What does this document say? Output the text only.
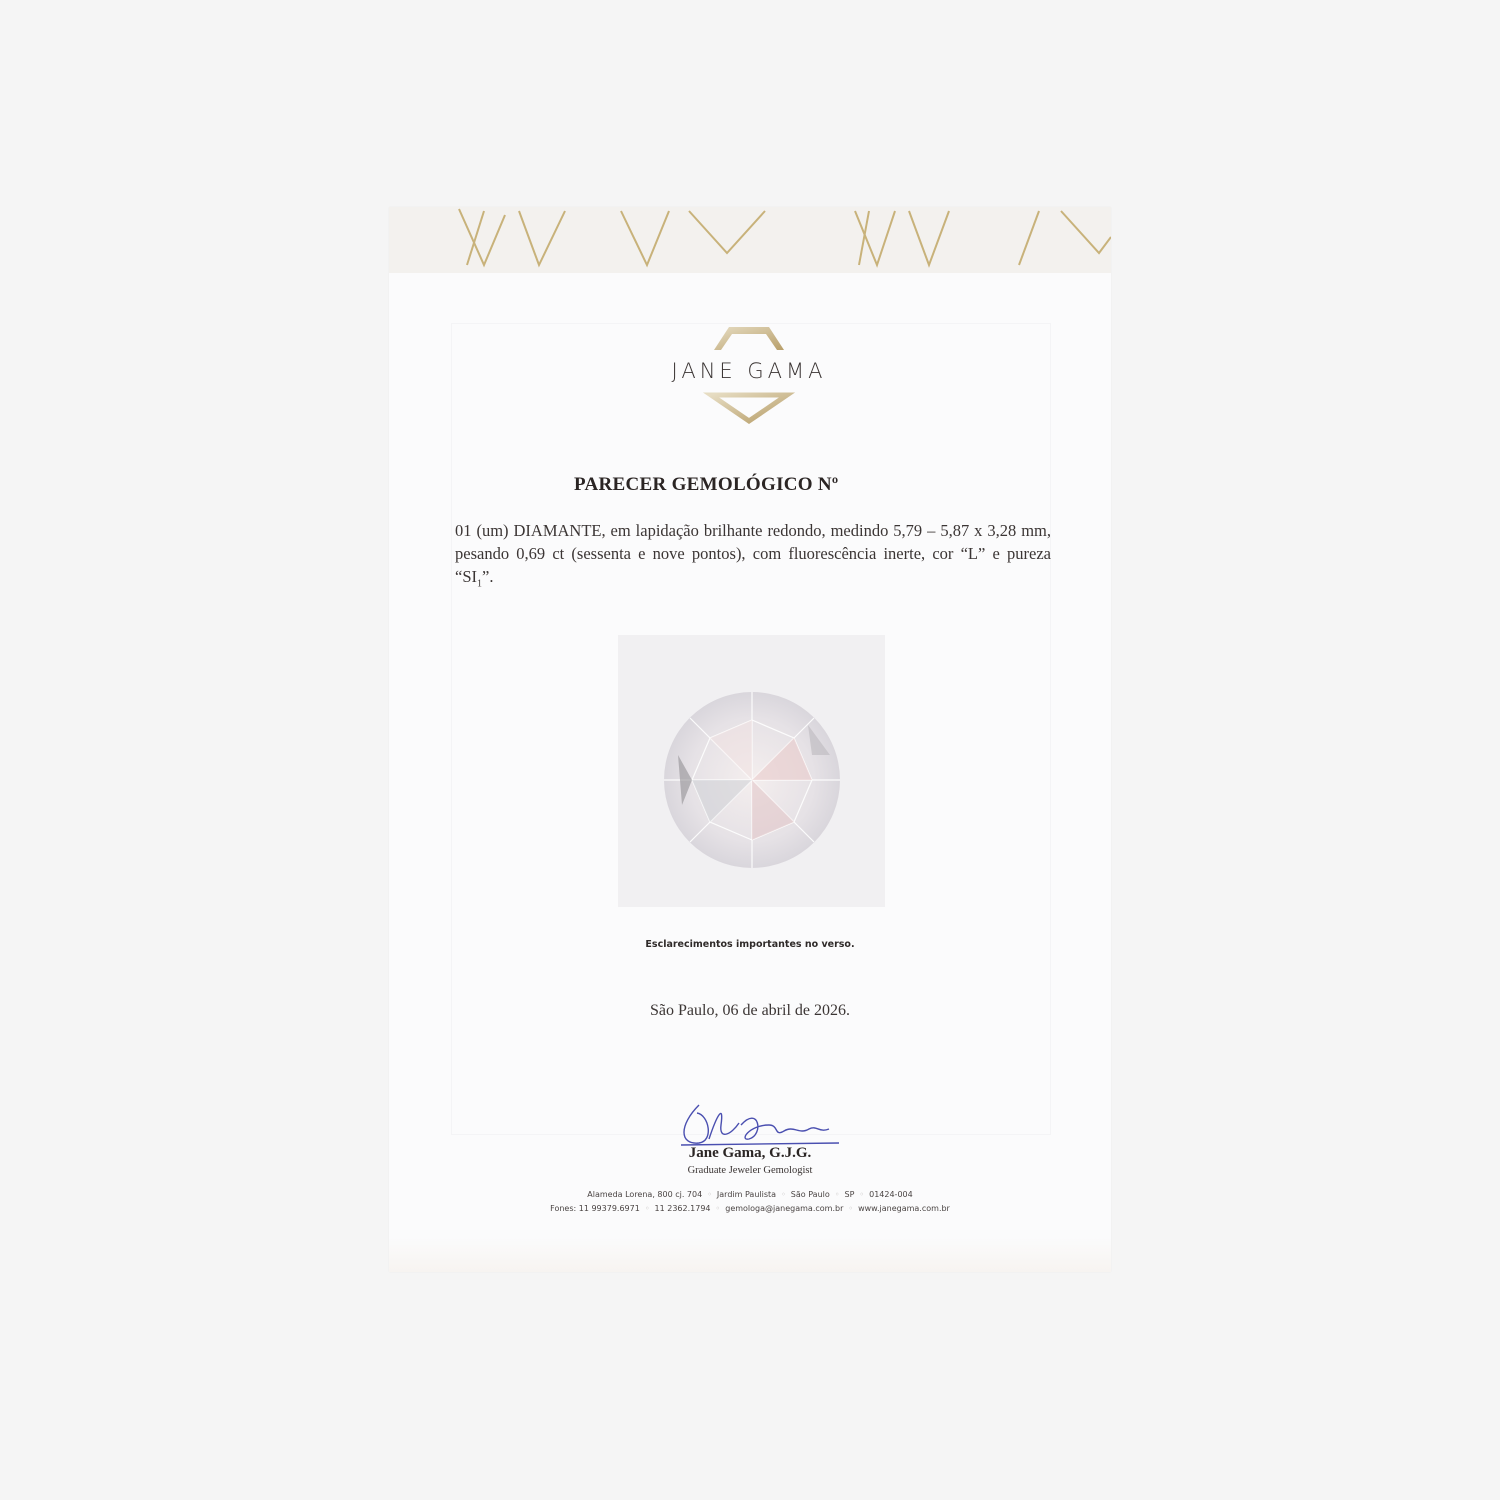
JANE GAMA
PARECER GEMOLÓGICO Nº
01 (um) DIAMANTE, em lapidação brilhante redondo, medindo 5,79 – 5,87 x 3,28 mm, pesando 0,69 ct (sessenta e nove pontos), com fluorescência inerte, cor “L” e pureza “$SI_1$”.
Esclarecimentos importantes no verso.
São Paulo, 06 de abril de 2026.
Jane Gama, G.J.G.
Graduate Jeweler Gemologist
Alameda Lorena, 800 cj. 704 ◦ Jardim Paulista ◦ São Paulo ◦ SP ◦ 01424-004
Fones: 11 99379.6971 ◦ 11 2362.1794 ◦ gemologa@janegama.com.br ◦ www.janegama.com.br
